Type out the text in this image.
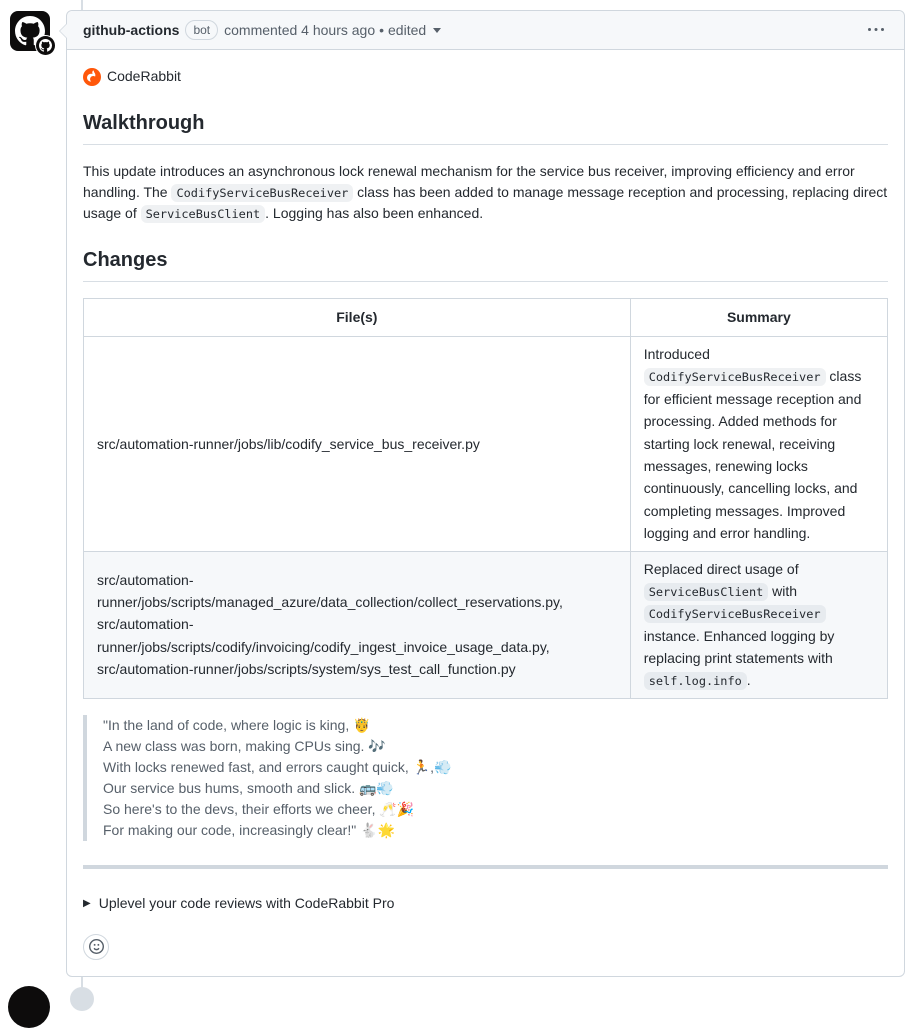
github-actions	bot	commented 4 hours ago • edited
CodeRabbit
Walkthrough

This update introduces an asynchronous lock renewal mechanism for the service bus receiver, improving efficiency and error handling. The CodifyServiceBusReceiver class has been added to manage message reception and processing, replacing direct usage of ServiceBusClient . Logging has also been enhanced.

Changes
File(s)	Summary
src/automation-runner/jobs/lib/codify_service_bus_receiver.py	Introduced CodifyServiceBusReceiver class for efficient message reception and processing. Added methods for starting lock renewal, receiving messages, renewing locks continuously, cancelling locks, and completing messages. Improved logging and error handling.
src/automation-runner/jobs/scripts/managed_azure/data_collection/collect_reservations.py, src/automation-runner/jobs/scripts/codify/invoicing/codify_ingest_invoice_usage_data.py, src/automation-runner/jobs/scripts/system/sys_test_call_function.py	Replaced direct usage of ServiceBusClient with CodifyServiceBusReceiver instance. Enhanced logging by replacing print statements with self.log.info .
"In the land of code, where logic is king, 🤴
A new class was born, making CPUs sing. 🎶
With locks renewed fast, and errors caught quick, 🏃,💨
Our service bus hums, smooth and slick. 🚌💨
So here's to the devs, their efforts we cheer, 🥂🎉
For making our code, increasingly clear!" 🐇🌟
▶ Uplevel your code reviews with CodeRabbit Pro
